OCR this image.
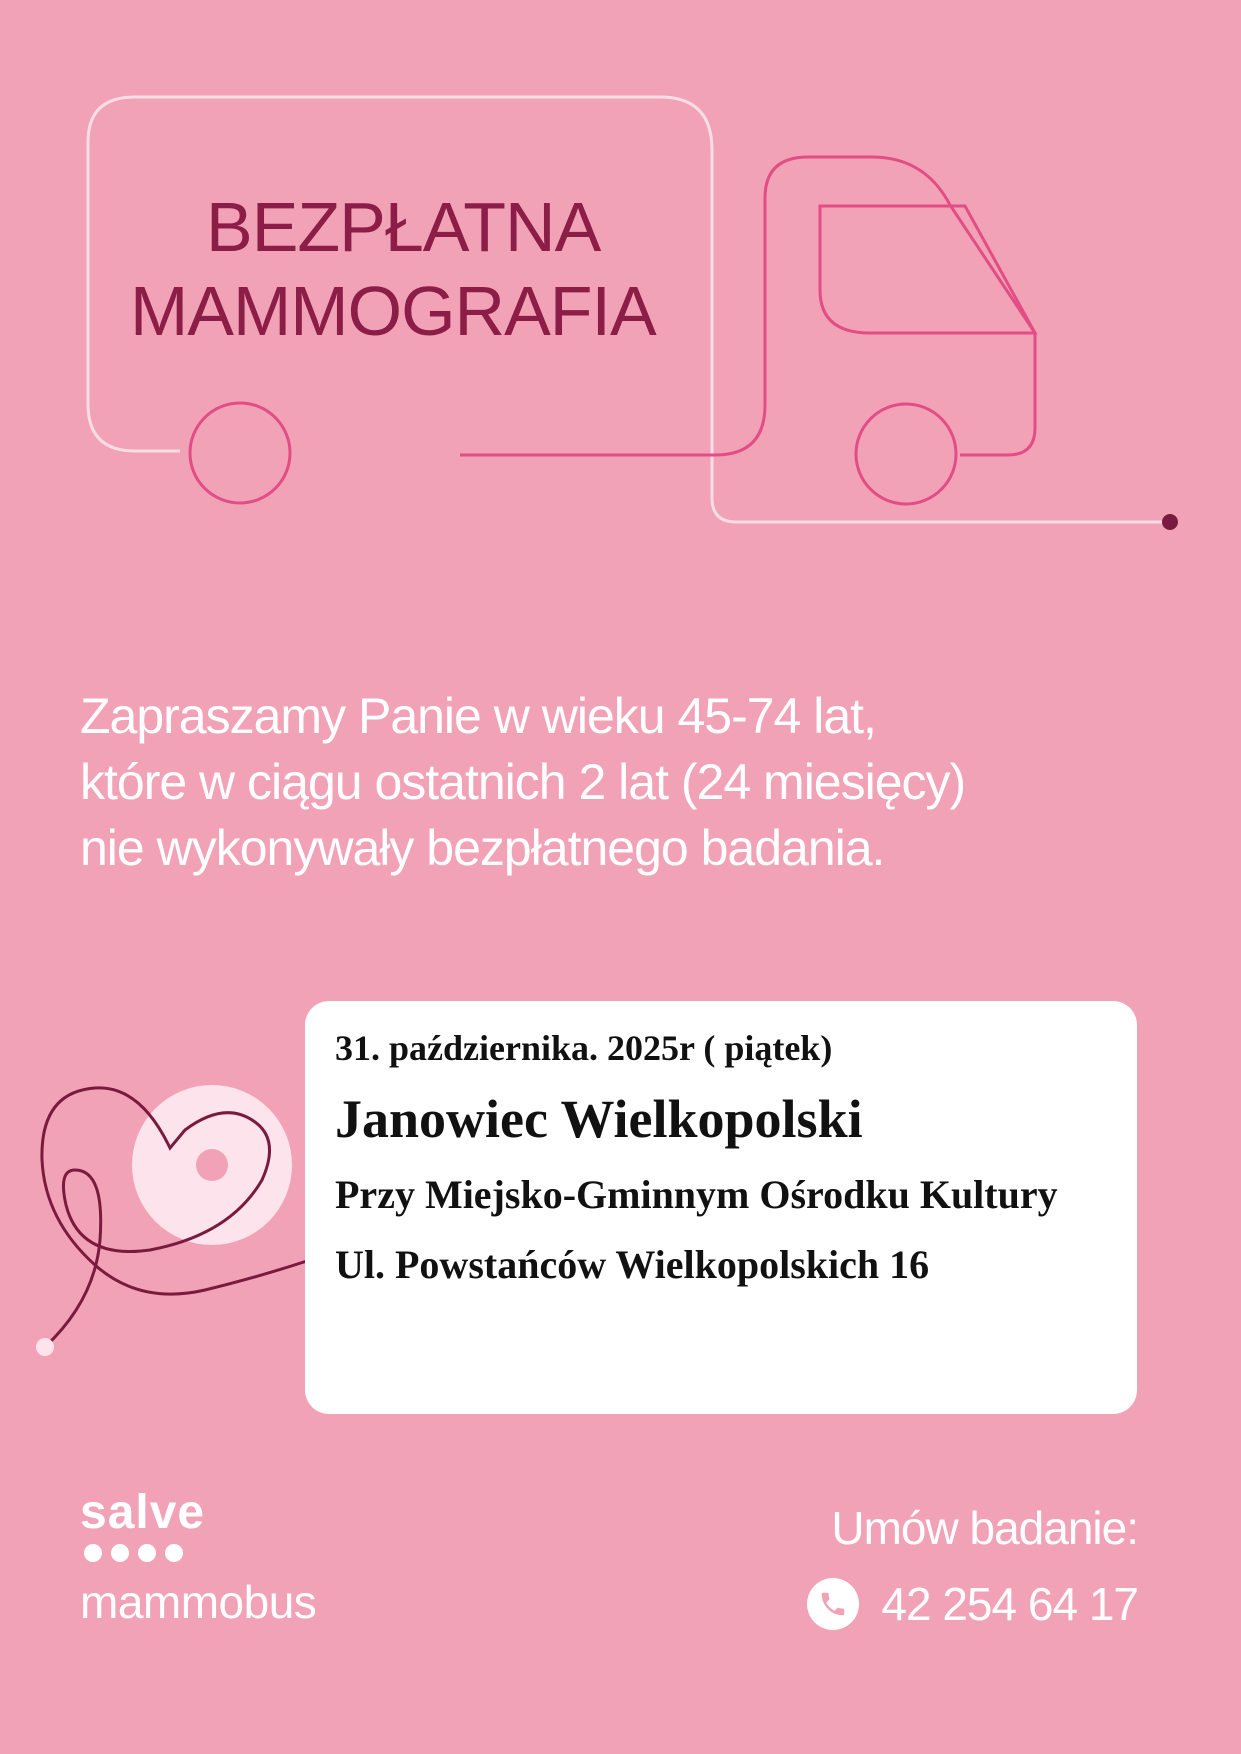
BEZPŁATNA
MAMMOGRAFIA
Zapraszamy Panie w wieku 45-74 lat,
które w ciągu ostatnich 2 lat (24 miesięcy)
nie wykonywały bezpłatnego badania.
31. października. 2025r ( piątek)
Janowiec Wielkopolski
Przy Miejsko-Gminnym Ośrodku Kultury
Ul. Powstańców Wielkopolskich 16
salve
mammobus
Umów badanie:
42 254 64 17
